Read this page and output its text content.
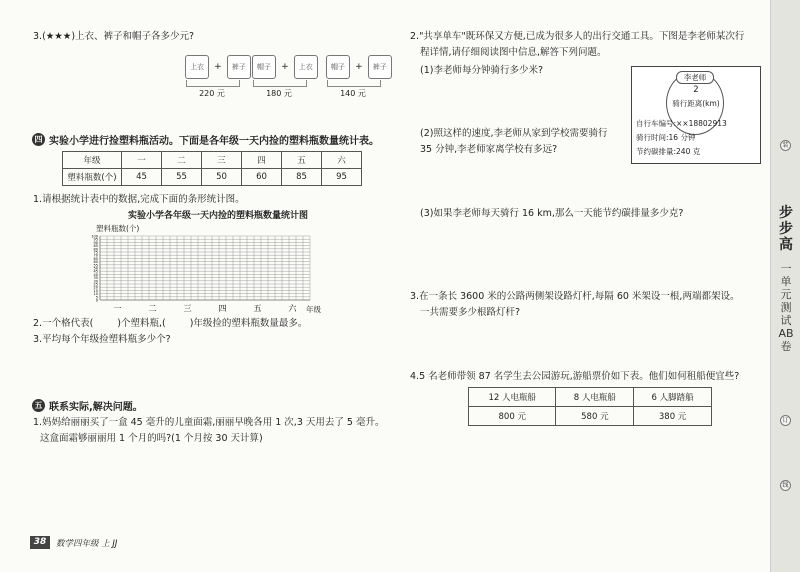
3.(★★★)上衣、裤子和帽子各多少元?
上衣 + 裤子
220 元
帽子 + 上衣
180 元
帽子 + 裤子
140 元
四 实验小学进行捡塑料瓶活动。下面是各年级一天内捡的塑料瓶数量统计表。
年级	一	二	三	四	五	六
塑料瓶数(个)	45	55	50	60	85	95
1.请根据统计表中的数据,完成下面的条形统计图。
实验小学各年级一天内捡的塑料瓶数量统计图
塑料瓶数(个)
100
95
90
85
80
75
70
65
60
55
50
45
40
35
30
25
20
15
10
5
0
一	二	三	四	五	六 年级
2.一个格代表(	)个塑料瓶,(	)年级捡的塑料瓶数量最多。
3.平均每个年级捡塑料瓶多少个?
五 联系实际,解决问题。
1.妈妈给丽丽买了一盒 45 毫升的儿童面霜,丽丽早晚各用 1 次,3 天用去了 5 毫升。
这盒面霜够丽丽用 1 个月的吗?(1 个月按 30 天计算)
38	数学四年级 上 JJ
2."共享单车"既环保又方便,已成为很多人的出行交通工具。下图是李老师某次行
程详情,请仔细阅读图中信息,解答下列问题。
(1)李老师每分钟骑行多少米?
李老师
2
骑行距离(km)
自行车编号:××18802913
骑行时间:16 分钟
节约碳排量:240 克
(2)照这样的速度,李老师从家到学校需要骑行
35 分钟,李老师家离学校有多远?
(3)如果李老师每天骑行 16 km,那么一天能节约碳排量多少克?
3.在一条长 3600 米的公路两侧架设路灯杆,每隔 60 米架设一根,两端都架设。
一共需要多少根路灯杆?
4.5 名老师带领 87 名学生去公园游玩,游船票价如下表。他们如何租船便宜些?
12 人电瓶船	8 人电瓶船	6 人脚踏船
800 元	580 元	380 元
装
订
线
步步高
一单元测试AB卷
